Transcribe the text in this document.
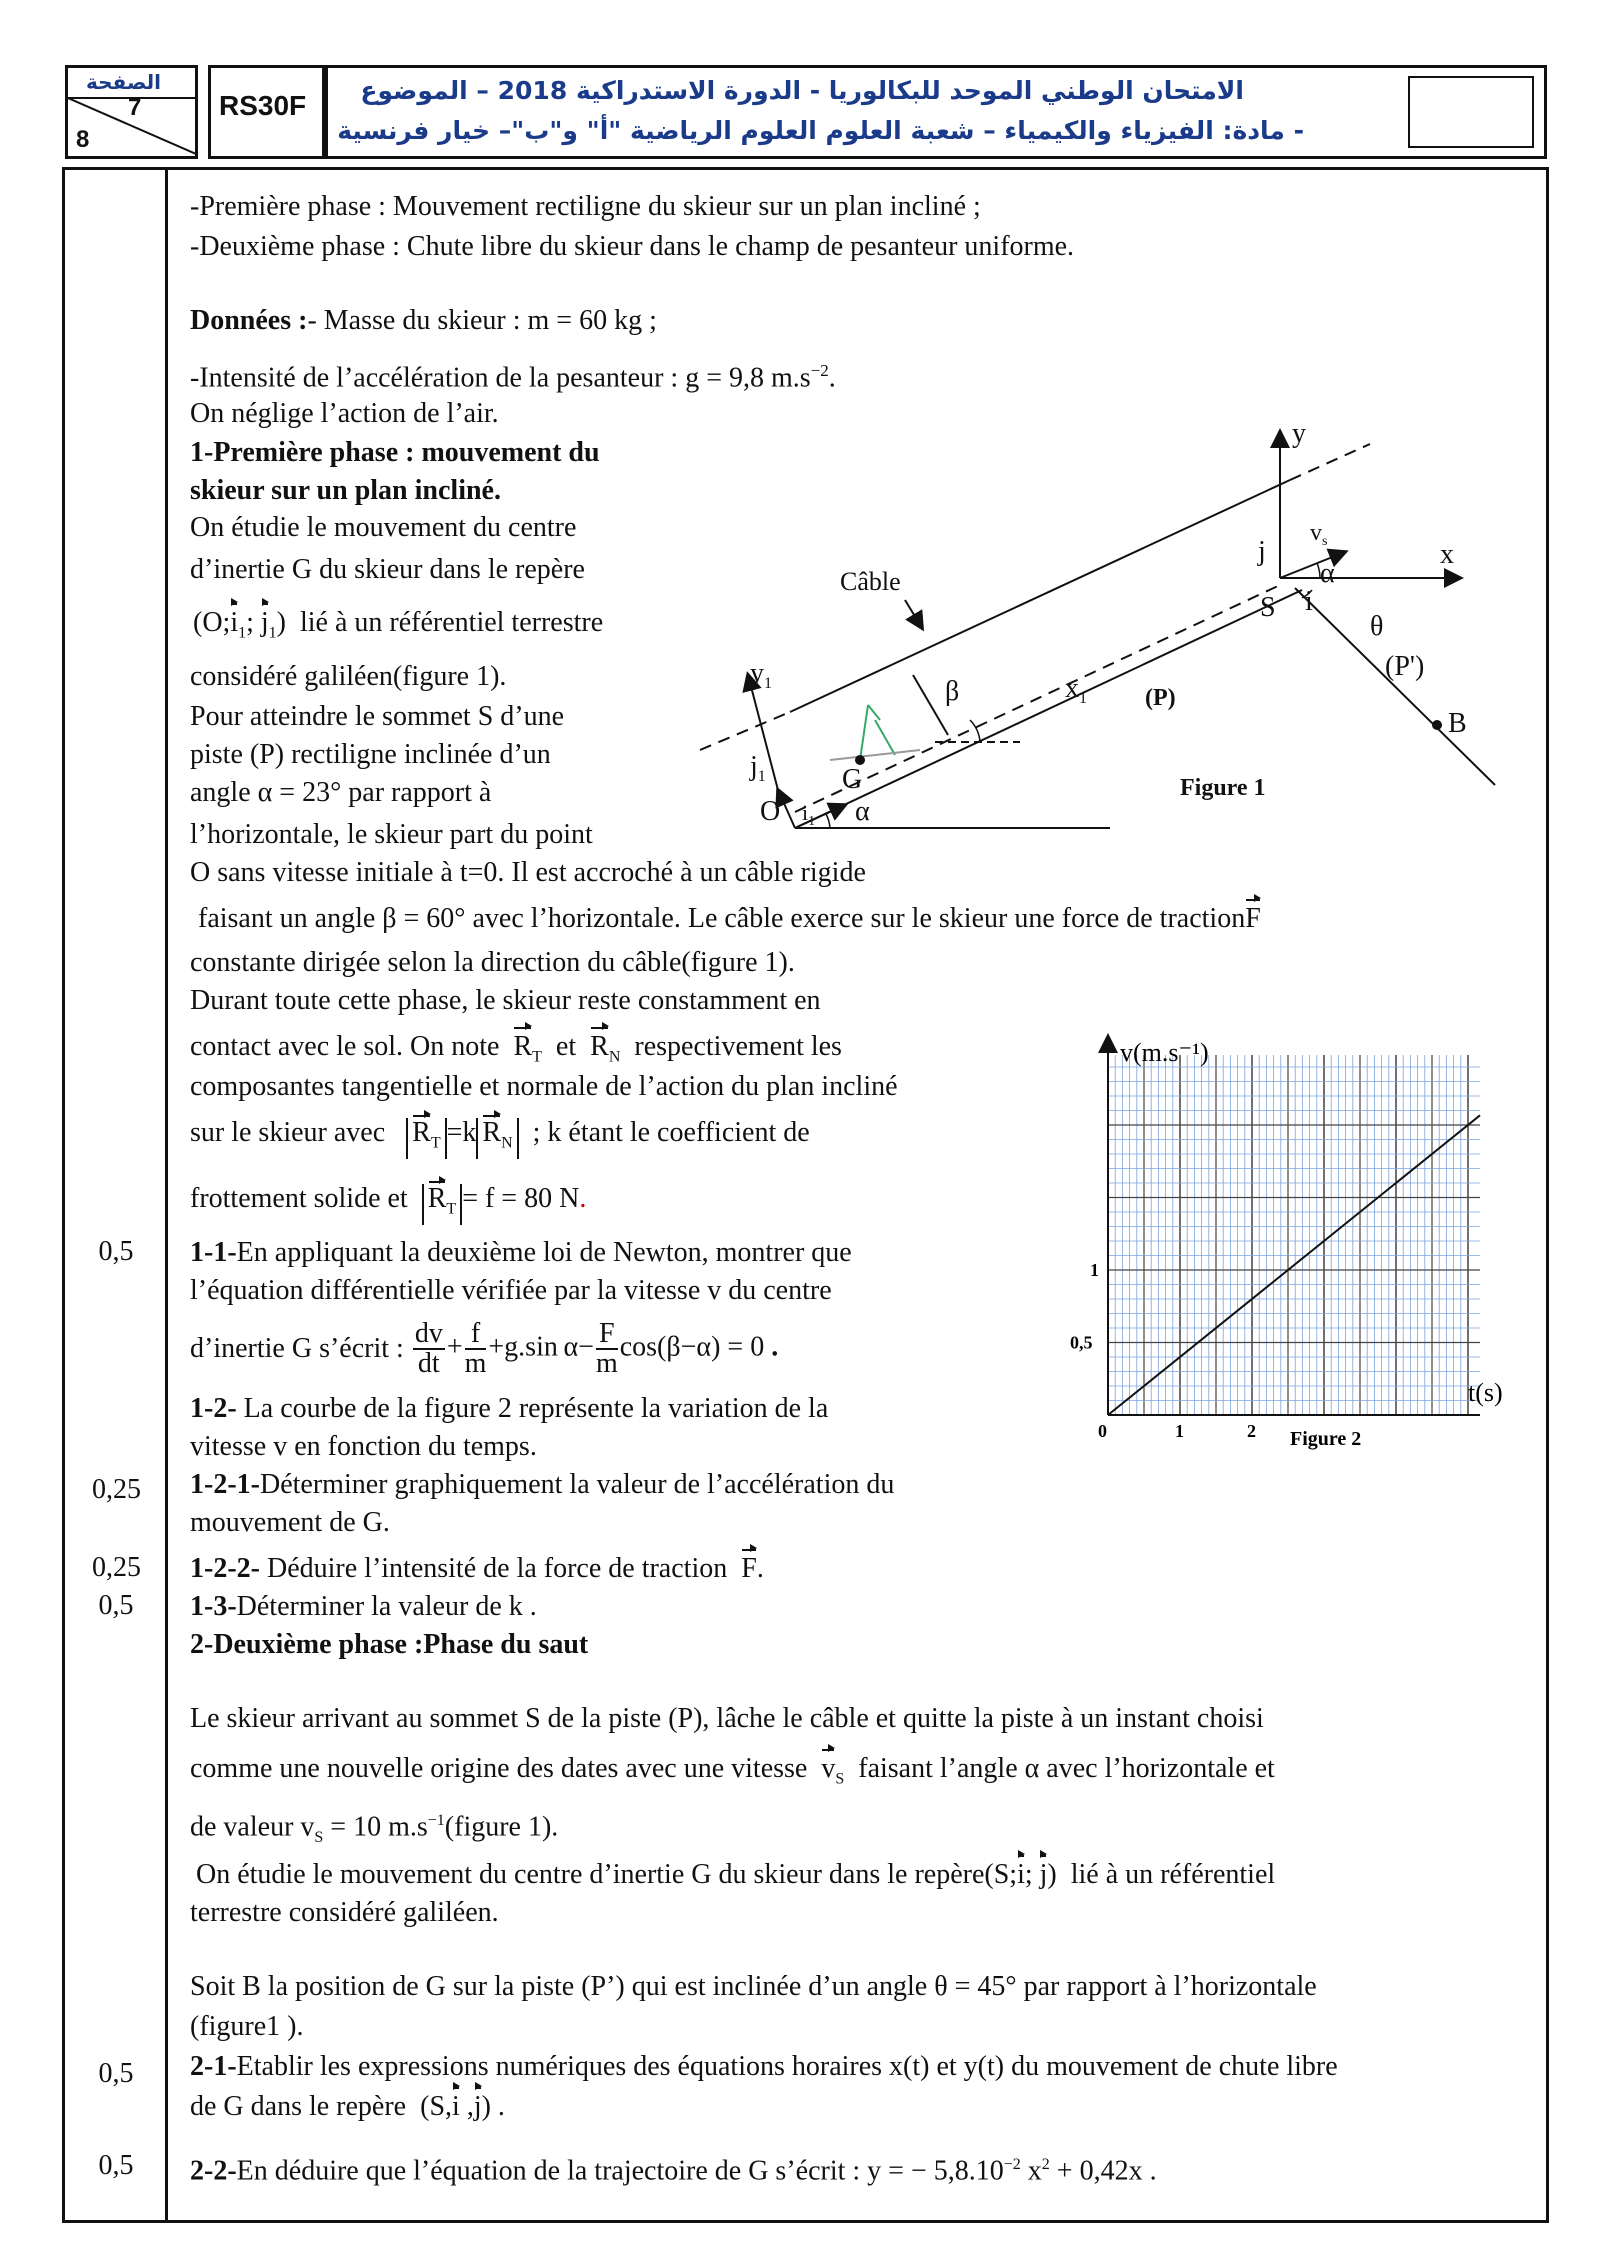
الصفحة
7
8
RS30F الامتحان الوطني الموحد للبكالوريا - الدورة الاستدراكية 2018 – الموضوع
- مادة: الفيزياء والكيمياء – شعبة العلوم العلوم الرياضية "أ" و"ب"– خيار فرنسية
0,5
0,25
0,25
0,5
0,5
0,5
-Première phase : Mouvement rectiligne du skieur sur un plan incliné ;
-Deuxième phase : Chute libre du skieur dans le champ de pesanteur uniforme.
Données :- Masse du skieur : m = 60 kg ;
-Intensité de l’accélération de la pesanteur : g = 9,8 $m.s^{-2}$.
On néglige l’action de l’air.
1-Première phase : mouvement du
skieur sur un plan incliné.
On étudie le mouvement du centre
d’inertie G du skieur dans le repère
($O;i_1$; $j_1$)  lié à un référentiel terrestre
considéré galiléen(figure 1).
Pour atteindre le sommet S d’une
piste (P) rectiligne inclinée d’un
angle α = 23° par rapport à
l’horizontale, le skieur part du point
O sans vitesse initiale à t=0. Il est accroché à un câble rigide
faisant un angle β = 60° avec l’horizontale. Le câble exerce sur le skieur une force de tractionF
constante dirigée selon la direction du câble(figure 1).
Durant toute cette phase, le skieur reste constamment en
contact avec le sol. On note $R_T$ et $R_N$ respectivement les
composantes tangentielle et normale de l’action du plan incliné
sur le skieur avec $R_T =k$ $R_N$ ; k étant le coefficient de
frottement solide et $R_T = f = 80$ N.
1-1-En appliquant la deuxième loi de Newton, montrer que
l’équation différentielle vérifiée par la vitesse v du centre
d’inertie G s’écrit : $\frac{dv}{dt} + \frac{f}{m} +g.\sin$ $\alpha- \frac{F}{m} \cos(\beta-\alpha) = 0$ .
1-2- La courbe de la figure 2 représente la variation de la
vitesse v en fonction du temps.
1-2-1-Déterminer graphiquement la valeur de l’accélération du
mouvement de G.
1-2-2- Déduire l’intensité de la force de traction F.
1-3-Déterminer la valeur de k .
2-Deuxième phase :Phase du saut
Le skieur arrivant au sommet S de la piste (P), lâche le câble et quitte la piste à un instant choisi
comme une nouvelle origine des dates avec une vitesse $v_S$ faisant l’angle α avec l’horizontale et
de valeur $v_S = 10$ $m.s^{-1}(figure$ 1).
On étudie le mouvement du centre d’inertie G du skieur dans le repère(S;i; j)  lié à un référentiel
terrestre considéré galiléen.
Soit B la position de G sur la piste (P’) qui est inclinée d’un angle θ = 45° par rapport à l’horizontale
(figure1 ).
2-1-Etablir les expressions numériques des équations horaires x(t) et y(t) du mouvement de chute libre
de G dans le repère  (S,i ,j) .
2-2-En déduire que l’équation de la trajectoire de G s’écrit : y = − $5,8.10^{-2}$ $x^2 + 0,42x$ .
O
G
S
B
x
y
$x_1$
$y_1$
$j_1$
$i_1$ α
β
Câble
(P)
(P')
θ
α
i
j
$v_s$
Figure 1
1	2
0,5
1
v(m.s⁻¹)
t(s)
Figure 2
0
